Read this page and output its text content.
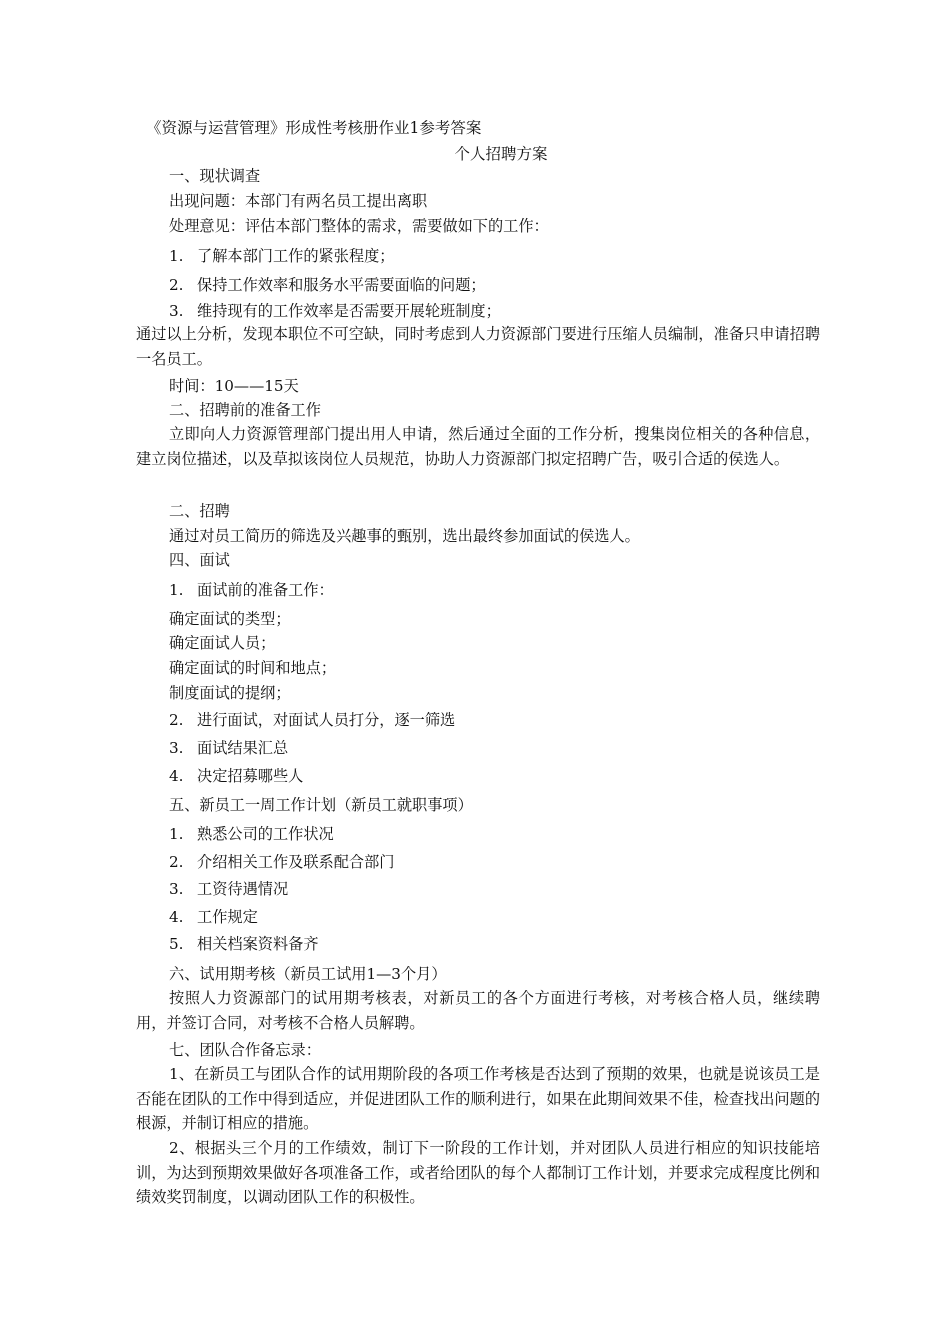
《资源与运营管理》形成性考核册作业1参考答案
个人招聘方案
一、现状调查
出现问题：本部门有两名员工提出离职
处理意见：评估本部门整体的需求，需要做如下的工作：
1. 了解本部门工作的紧张程度；
2. 保持工作效率和服务水平需要面临的问题；
3. 维持现有的工作效率是否需要开展轮班制度；
通过以上分析，发现本职位不可空缺，同时考虑到人力资源部门要进行压缩人员编制，准备只申请招聘一名员工。
时间：10——15天
二、招聘前的准备工作
立即向人力资源管理部门提出用人申请，然后通过全面的工作分析，搜集岗位相关的各种信息，建立岗位描述，以及草拟该岗位人员规范，协助人力资源部门拟定招聘广告，吸引合适的侯选人。
二、招聘
通过对员工简历的筛选及兴趣事的甄别，选出最终参加面试的侯选人。
四、面试
1. 面试前的准备工作：
确定面试的类型；
确定面试人员；
确定面试的时间和地点；
制度面试的提纲；
2. 进行面试，对面试人员打分，逐一筛选
3. 面试结果汇总
4. 决定招募哪些人
五、新员工一周工作计划（新员工就职事项）
1. 熟悉公司的工作状况
2. 介绍相关工作及联系配合部门
3. 工资待遇情况
4. 工作规定
5. 相关档案资料备齐
六、试用期考核（新员工试用1—3个月）
按照人力资源部门的试用期考核表，对新员工的各个方面进行考核，对考核合格人员，继续聘用，并签订合同，对考核不合格人员解聘。
七、团队合作备忘录：
1、在新员工与团队合作的试用期阶段的各项工作考核是否达到了预期的效果，也就是说该员工是否能在团队的工作中得到适应，并促进团队工作的顺利进行，如果在此期间效果不佳，检查找出问题的根源，并制订相应的措施。
2、根据头三个月的工作绩效，制订下一阶段的工作计划，并对团队人员进行相应的知识技能培训，为达到预期效果做好各项准备工作，或者给团队的每个人都制订工作计划，并要求完成程度比例和绩效奖罚制度，以调动团队工作的积极性。
